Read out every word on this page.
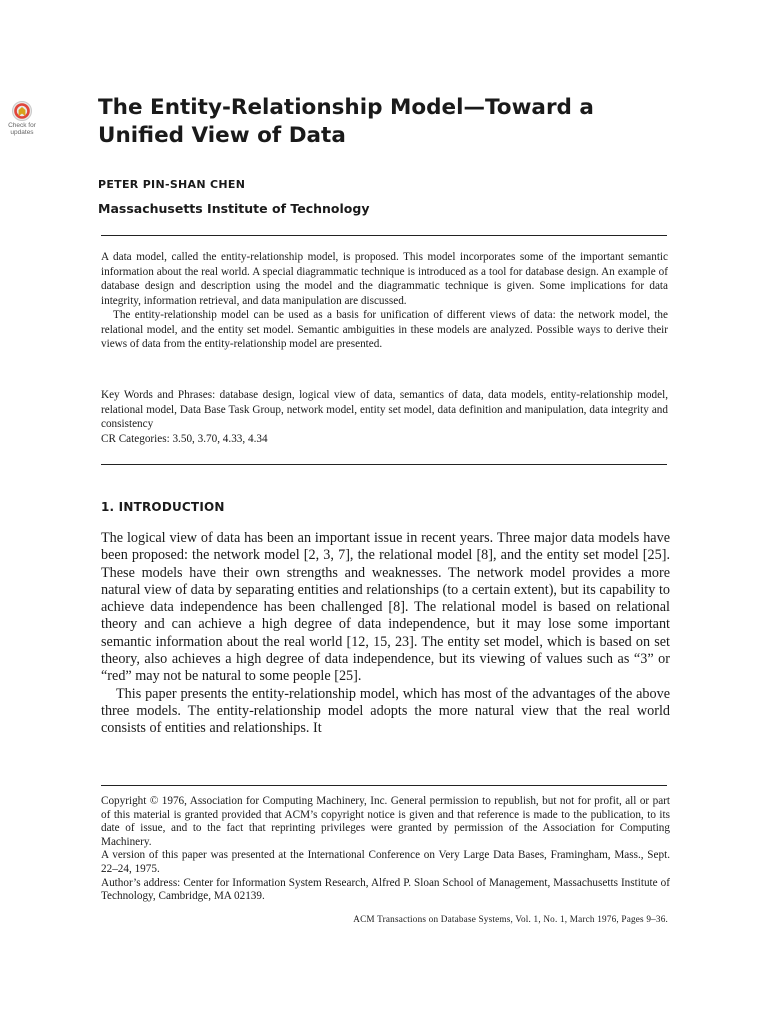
Check for
updates
The Entity-Relationship Model—Toward a Unified View of Data
PETER PIN-SHAN CHEN
Massachusetts Institute of Technology

A data model, called the entity-relationship model, is proposed. This model incorporates some of the important semantic information about the real world. A special diagrammatic technique is introduced as a tool for database design. An example of database design and description using the model and the diagrammatic technique is given. Some implications for data integrity, information retrieval, and data manipulation are discussed.

The entity-relationship model can be used as a basis for unification of different views of data: the network model, the relational model, and the entity set model. Semantic ambiguities in these models are analyzed. Possible ways to derive their views of data from the entity-relationship model are presented.

Key Words and Phrases: database design, logical view of data, semantics of data, data models, entity-relationship model, relational model, Data Base Task Group, network model, entity set model, data definition and manipulation, data integrity and consistency

CR Categories: 3.50, 3.70, 4.33, 4.34

1. INTRODUCTION

The logical view of data has been an important issue in recent years. Three major data models have been proposed: the network model [2, 3, 7], the relational model [8], and the entity set model [25]. These models have their own strengths and weaknesses. The network model provides a more natural view of data by separating entities and relationships (to a certain extent), but its capability to achieve data independence has been challenged [8]. The relational model is based on relational theory and can achieve a high degree of data independence, but it may lose some important semantic information about the real world [12, 15, 23]. The entity set model, which is based on set theory, also achieves a high degree of data independence, but its viewing of values such as “3” or “red” may not be natural to some people [25].

This paper presents the entity-relationship model, which has most of the advantages of the above three models. The entity-relationship model adopts the more natural view that the real world consists of entities and relationships. It

Copyright © 1976, Association for Computing Machinery, Inc. General permission to republish, but not for profit, all or part of this material is granted provided that ACM’s copyright notice is given and that reference is made to the publication, to its date of issue, and to the fact that reprinting privileges were granted by permission of the Association for Computing Machinery.

A version of this paper was presented at the International Conference on Very Large Data Bases, Framingham, Mass., Sept. 22–24, 1975.

Author’s address: Center for Information System Research, Alfred P. Sloan School of Management, Massachusetts Institute of Technology, Cambridge, MA 02139.

ACM Transactions on Database Systems, Vol. 1, No. 1, March 1976, Pages 9–36.
